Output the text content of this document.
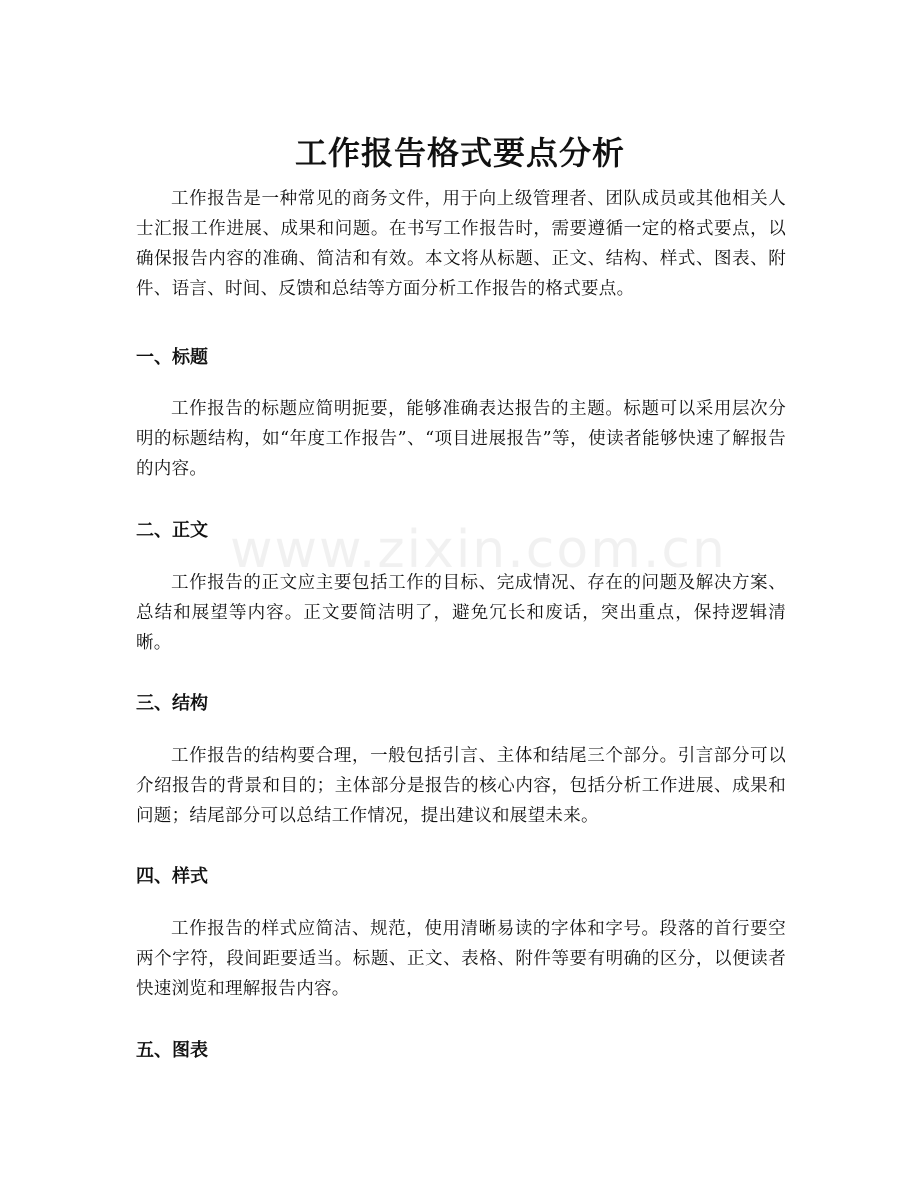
www.zixin.com.cn
工作报告格式要点分析

工作报告是一种常见的商务文件，用于向上级管理者、团队成员或其他相关人士汇报工作进展、成果和问题。在书写工作报告时，需要遵循一定的格式要点，以确保报告内容的准确、简洁和有效。本文将从标题、正文、结构、样式、图表、附件、语言、时间、反馈和总结等方面分析工作报告的格式要点。

一、标题

工作报告的标题应简明扼要，能够准确表达报告的主题。标题可以采用层次分明的标题结构，如“年度工作报告”、“项目进展报告”等，使读者能够快速了解报告的内容。

二、正文

工作报告的正文应主要包括工作的目标、完成情况、存在的问题及解决方案、总结和展望等内容。正文要简洁明了，避免冗长和废话，突出重点，保持逻辑清晰。

三、结构

工作报告的结构要合理，一般包括引言、主体和结尾三个部分。引言部分可以介绍报告的背景和目的；主体部分是报告的核心内容，包括分析工作进展、成果和问题；结尾部分可以总结工作情况，提出建议和展望未来。

四、样式

工作报告的样式应简洁、规范，使用清晰易读的字体和字号。段落的首行要空两个字符，段间距要适当。标题、正文、表格、附件等要有明确的区分，以便读者快速浏览和理解报告内容。

五、图表
